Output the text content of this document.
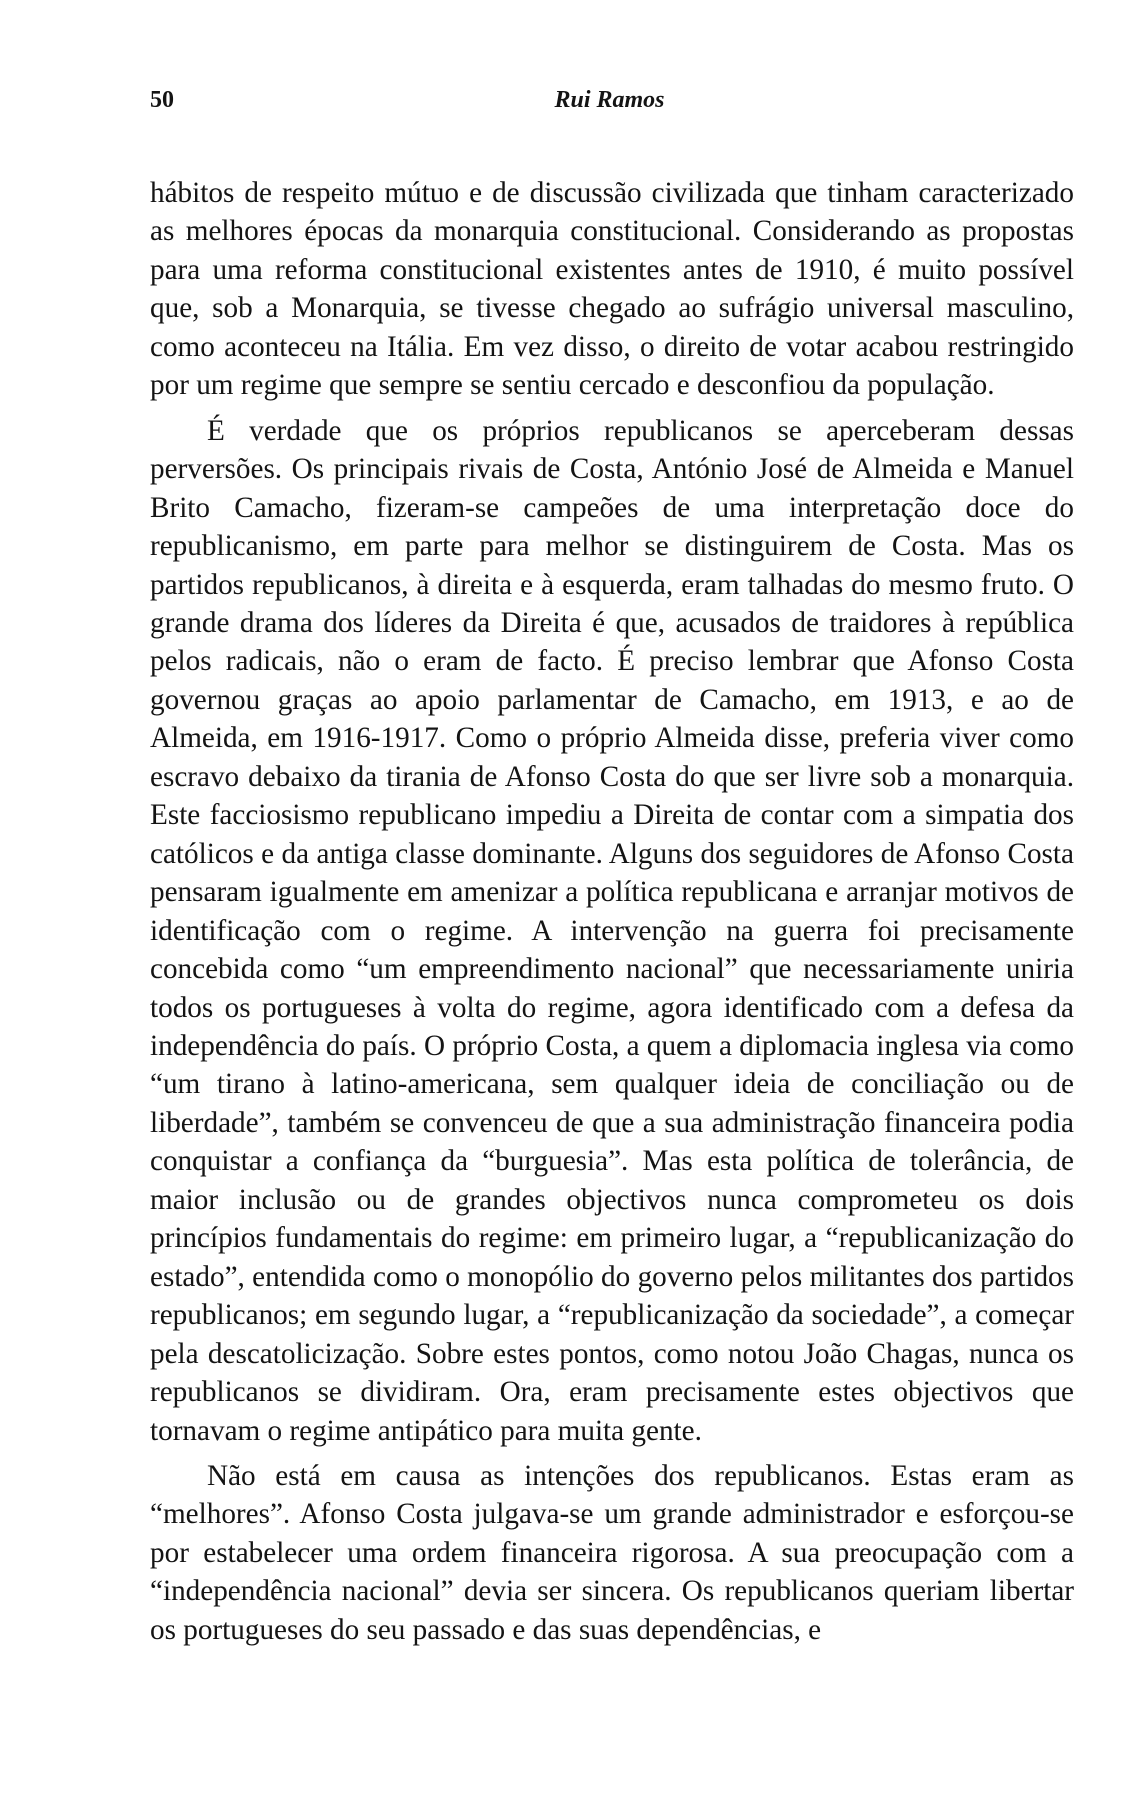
50	Rui Ramos

hábitos de respeito mútuo e de discussão civilizada que tinham caracterizado as melhores épocas da monarquia constitucional. Considerando as propostas para uma reforma constitucional existentes antes de 1910, é muito possível que, sob a Monarquia, se tivesse chegado ao sufrágio universal masculino, como aconteceu na Itália. Em vez disso, o direito de votar acabou restringido por um regime que sempre se sentiu cercado e desconfiou da população.

É verdade que os próprios republicanos se aperceberam dessas perversões. Os principais rivais de Costa, António José de Almeida e Manuel Brito Camacho, fizeram-se campeões de uma interpretação doce do republicanismo, em parte para melhor se distinguirem de Costa. Mas os partidos republicanos, à direita e à esquerda, eram talhadas do mesmo fruto. O grande drama dos líderes da Direita é que, acusados de traidores à república pelos radicais, não o eram de facto. É preciso lembrar que Afonso Costa governou graças ao apoio parlamentar de Camacho, em 1913, e ao de Almeida, em 1916-1917. Como o próprio Almeida disse, preferia viver como escravo debaixo da tirania de Afonso Costa do que ser livre sob a monarquia. Este facciosismo republicano impediu a Direita de contar com a simpatia dos católicos e da antiga classe dominante. Alguns dos seguidores de Afonso Costa pensaram igualmente em amenizar a política republicana e arranjar motivos de identificação com o regime. A intervenção na guerra foi precisamente concebida como “um empreendimento nacional” que necessariamente uniria todos os portugueses à volta do regime, agora identificado com a defesa da independência do país. O próprio Costa, a quem a diplomacia inglesa via como “um tirano à latino-americana, sem qualquer ideia de conciliação ou de liberdade”, também se convenceu de que a sua administração financeira podia conquistar a confiança da “burguesia”. Mas esta política de tolerância, de maior inclusão ou de grandes objectivos nunca comprometeu os dois princípios fundamentais do regime: em primeiro lugar, a “republicanização do estado”, entendida como o monopólio do governo pelos militantes dos partidos republicanos; em segundo lugar, a “republicanização da sociedade”, a começar pela descatolicização. Sobre estes pontos, como notou João Chagas, nunca os republicanos se dividiram. Ora, eram precisamente estes objectivos que tornavam o regime antipático para muita gente.

Não está em causa as intenções dos republicanos. Estas eram as “melhores”. Afonso Costa julgava-se um grande administrador e esforçou-se por estabelecer uma ordem financeira rigorosa. A sua preocupação com a “independência nacional” devia ser sincera. Os republicanos queriam libertar os portugueses do seu passado e das suas dependências, e
